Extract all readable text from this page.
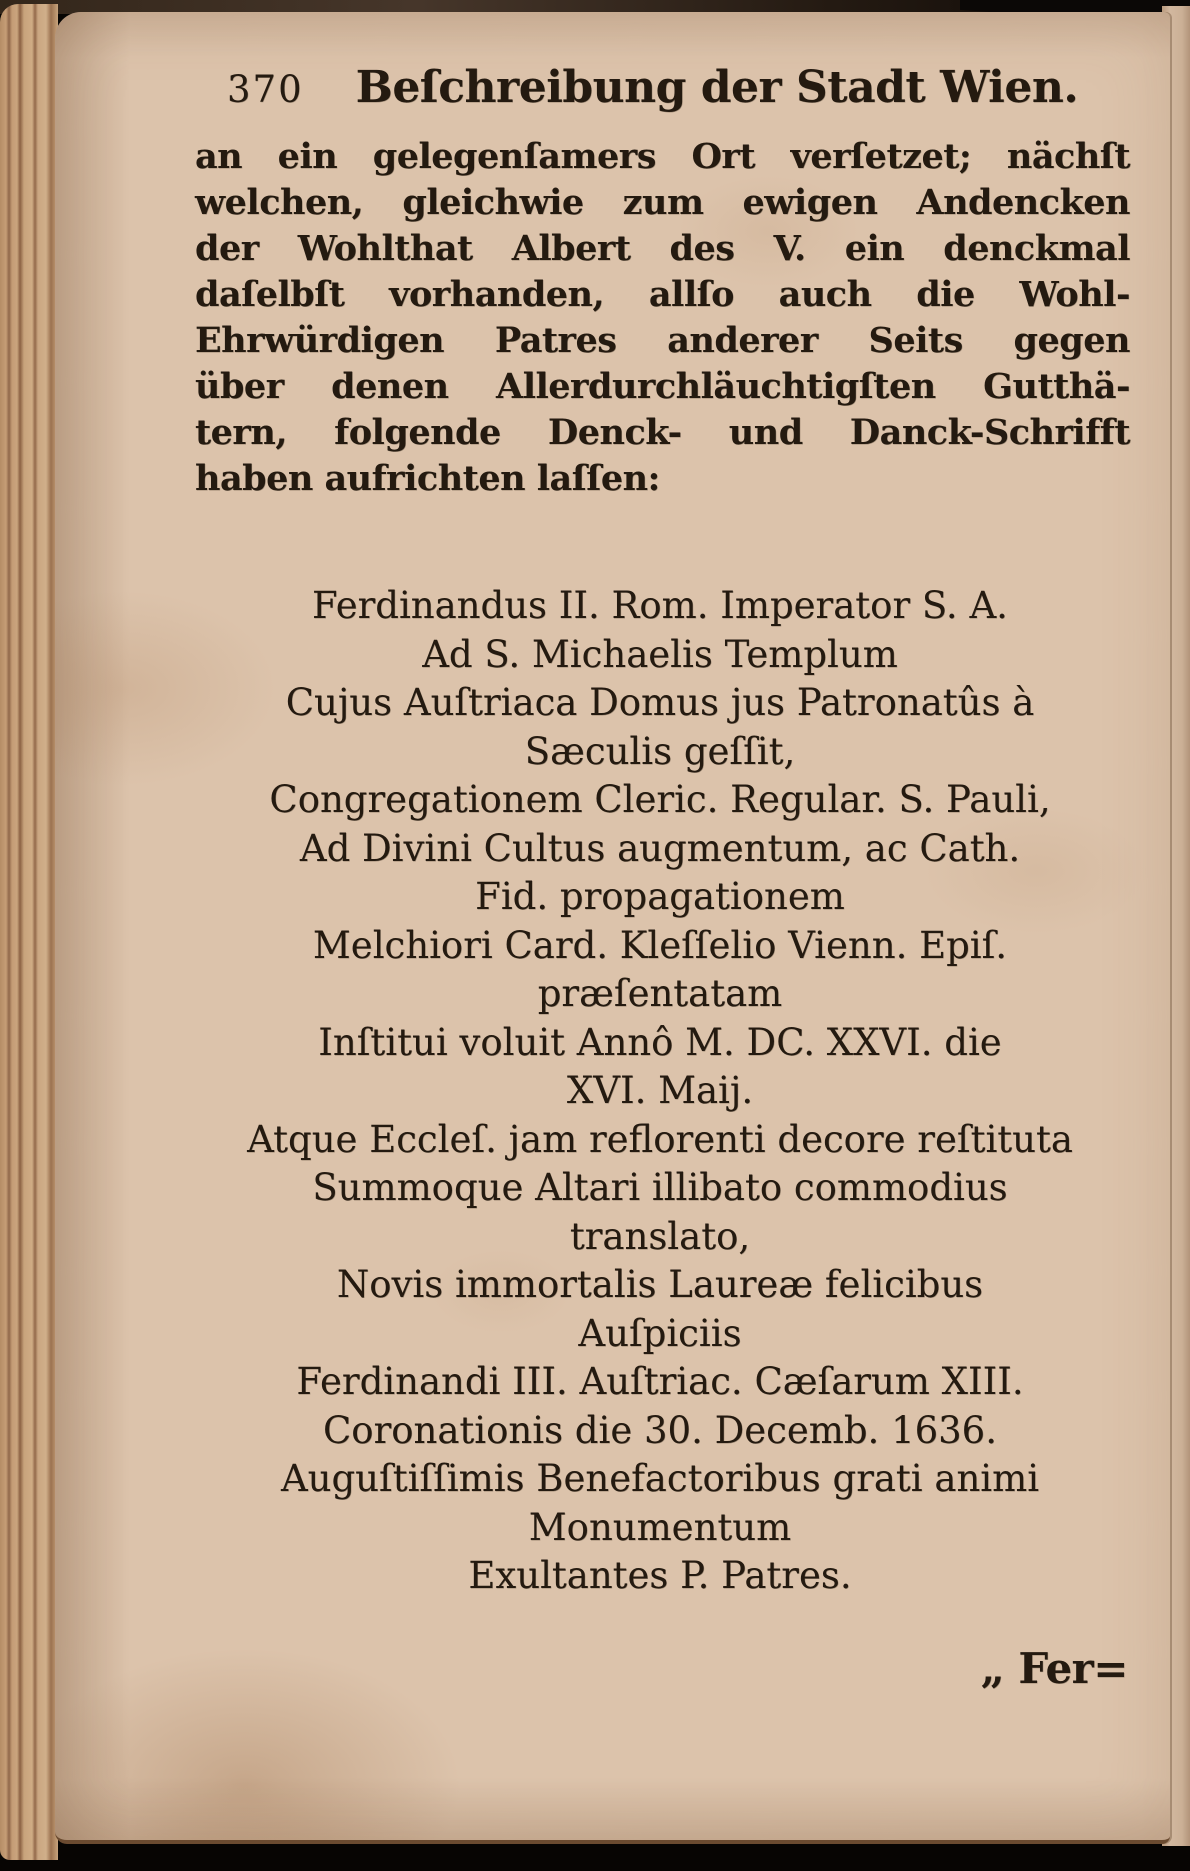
370 Beſchreibung der Stadt Wien.
an ein gelegenſamers Ort verſetzet; nächſt
welchen, gleichwie zum ewigen Andencken
der Wohlthat Albert des V. ein denckmal
daſelbſt vorhanden, allſo auch die Wohl-
Ehrwürdigen Patres anderer Seits gegen
über denen Allerdurchläuchtigſten Gutthä-
tern, folgende Denck- und Danck-Schrifft
haben aufrichten laſſen:
Ferdinandus II. Rom. Imperator S. A.
Ad S. Michaelis Templum
Cujus Auſtriaca Domus jus Patronatûs à
Sæculis geſſit,
Congregationem Cleric. Regular. S. Pauli,
Ad Divini Cultus augmentum, ac Cath.
Fid. propagationem
Melchiori Card. Kleſſelio Vienn. Epiſ.
præſentatam
Inſtitui voluit Annô M. DC. XXVI. die
XVI. Maij.
Atque Eccleſ. jam reflorenti decore reſtituta
Summoque Altari illibato commodius
translato,
Novis immortalis Laureæ felicibus
Auſpiciis
Ferdinandi III. Auſtriac. Cæſarum XIII.
Coronationis die 30. Decemb. 1636.
Auguſtiſſimis Benefactoribus grati animi
Monumentum
Exultantes P. Patres.
„ Fer=
